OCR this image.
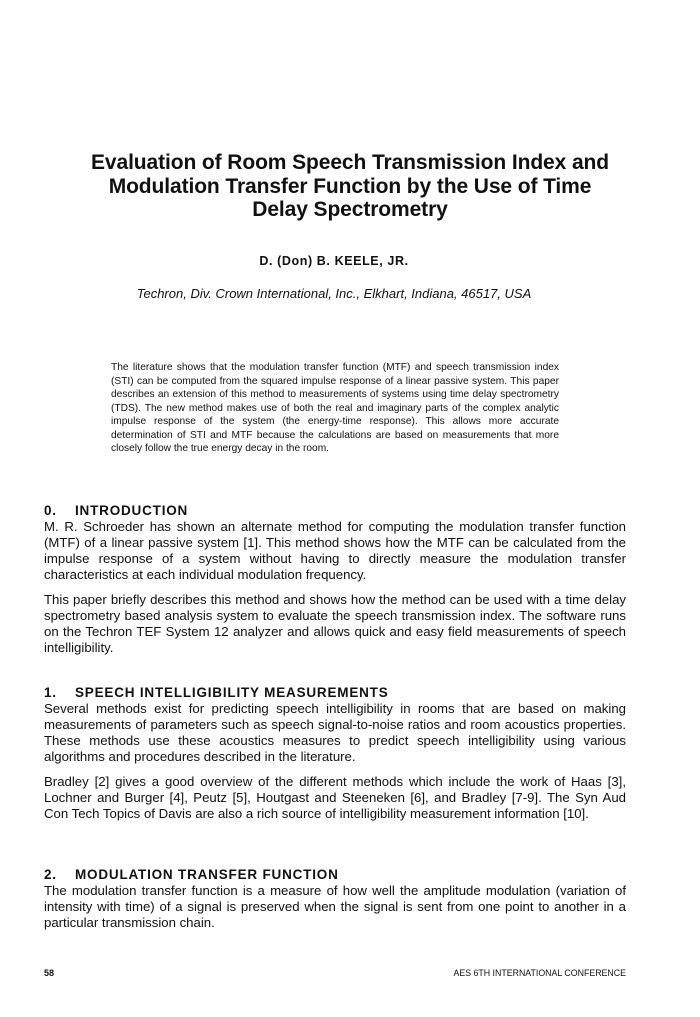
Evaluation of Room Speech Transmission Index and
Modulation Transfer Function by the Use of Time
Delay Spectrometry
D. (Don) B. KEELE, JR.
Techron, Div. Crown International, Inc., Elkhart, Indiana, 46517, USA

The literature shows that the modulation transfer function (MTF) and speech transmission index (STI) can be computed from the squared impulse response of a linear passive system. This paper describes an extension of this method to measurements of systems using time delay spectrometry (TDS). The new method makes use of both the real and imaginary parts of the complex analytic impulse response of the system (the energy-time response). This allows more accurate determination of STI and MTF because the calculations are based on measurements that more closely follow the true energy decay in the room.

0. INTRODUCTION

M. R. Schroeder has shown an alternate method for computing the modulation transfer function (MTF) of a linear passive system [1]. This method shows how the MTF can be calculated from the impulse response of a system without having to directly measure the modulation transfer characteristics at each individual modulation frequency.

This paper briefly describes this method and shows how the method can be used with a time delay spectrometry based analysis system to evaluate the speech transmission index. The software runs on the Techron TEF System 12 analyzer and allows quick and easy field measurements of speech intelligibility.

1. SPEECH INTELLIGIBILITY MEASUREMENTS

Several methods exist for predicting speech intelligibility in rooms that are based on making measurements of parameters such as speech signal-to-noise ratios and room acoustics properties. These methods use these acoustics measures to predict speech intelligibility using various algorithms and procedures described in the literature.

Bradley [2] gives a good overview of the different methods which include the work of Haas [3], Lochner and Burger [4], Peutz [5], Houtgast and Steeneken [6], and Bradley [7-9]. The Syn Aud Con Tech Topics of Davis are also a rich source of intelligibility measurement information [10].

2. MODULATION TRANSFER FUNCTION

The modulation transfer function is a measure of how well the amplitude modulation (variation of intensity with time) of a signal is preserved when the signal is sent from one point to another in a particular transmission chain.

58	AES 6TH INTERNATIONAL CONFERENCE
